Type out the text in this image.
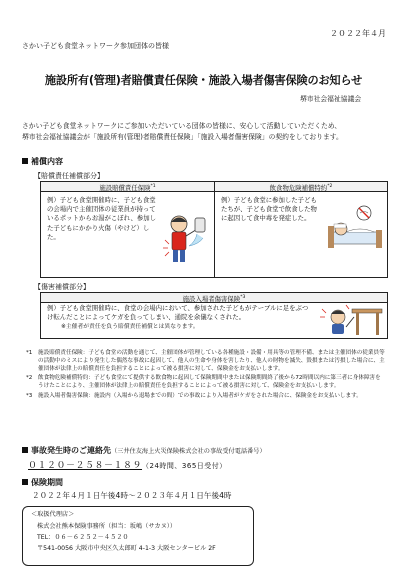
２０２２年４月
さかい子ども食堂ネットワーク参加団体の皆様
施設所有(管理)者賠償責任保険・施設入場者傷害保険のお知らせ
堺市社会福祉協議会
さかい子ども食堂ネットワークにご参加いただいている団体の皆様に、安心して活動していただくため、
堺市社会福祉協議会が「施設所有(管理)者賠償責任保険」「施設入場者傷害保険」の契約をしております。
補償内容
【賠償責任補償部分】
施設賠償責任保険$^{*1}$	飲食物危険補償特約$^{*2}$
例）子ども食堂開催時に、子ども食堂の会場内で主催団体の従業員が持っているポットからお湯がこぼれ、参加した子どもにかかり火傷（やけど）した。
例）子ども食堂に参加した子どもたちが、子ども食堂で飲食した物に起因して食中毒を発症した。
【傷害補償部分】
施設入場者傷害保険$^{*3}$
例）子ども食堂開催時に、食堂の会場内において、参加された子どもがテーブルに足をぶつけ転んだことによってケガを負ってしまい、通院を余儀なくされた。
※主催者が責任を負う賠償責任補償とは異なります。
*1	施設賠償責任保険：子ども食堂の活動を通じて、主催団体が管理している各種施設・設備・用具等の管理不備、または主催団体の従業員等の活動中のミスにより発生した偶然な事故に起因して、他人の生命や身体を害したり、他人の財物を滅失、毀損または汚損した場合に、主催団体が法律上の賠償責任を負担することによって被る損害に対して、保険金をお支払いします。
*2	飲食物危険補償特約：子ども食堂にて提供する飲食物に起因して保険期間中または保険期間終了後から72時間以内に第三者に身体障害をうけたことにより、主催団体が法律上の賠償責任を負担することによって被る損害に対して、保険金をお支払いします。
*3	施設入場者傷害保険：施設内（入場から退場までの間）での事故により入場者がケガをされた場合に、保険金をお支払いします。
事故発生時のご連絡先（三井住友海上火災保険株式会社の事故受付電話番号）
０１２０－２５８－１８９（24時間、365日受付）
保険期間
２０２２年４月１日午後4時～２０２３年４月１日午後4時
＜取扱代理店＞
株式会社熊本保険事務所（担当：坂嶋（サカヌ））
TEL：０６－６２５２－４５２０
〒541-0056 大阪市中央区久太郎町 4-1-3 大阪センタービル 2F
